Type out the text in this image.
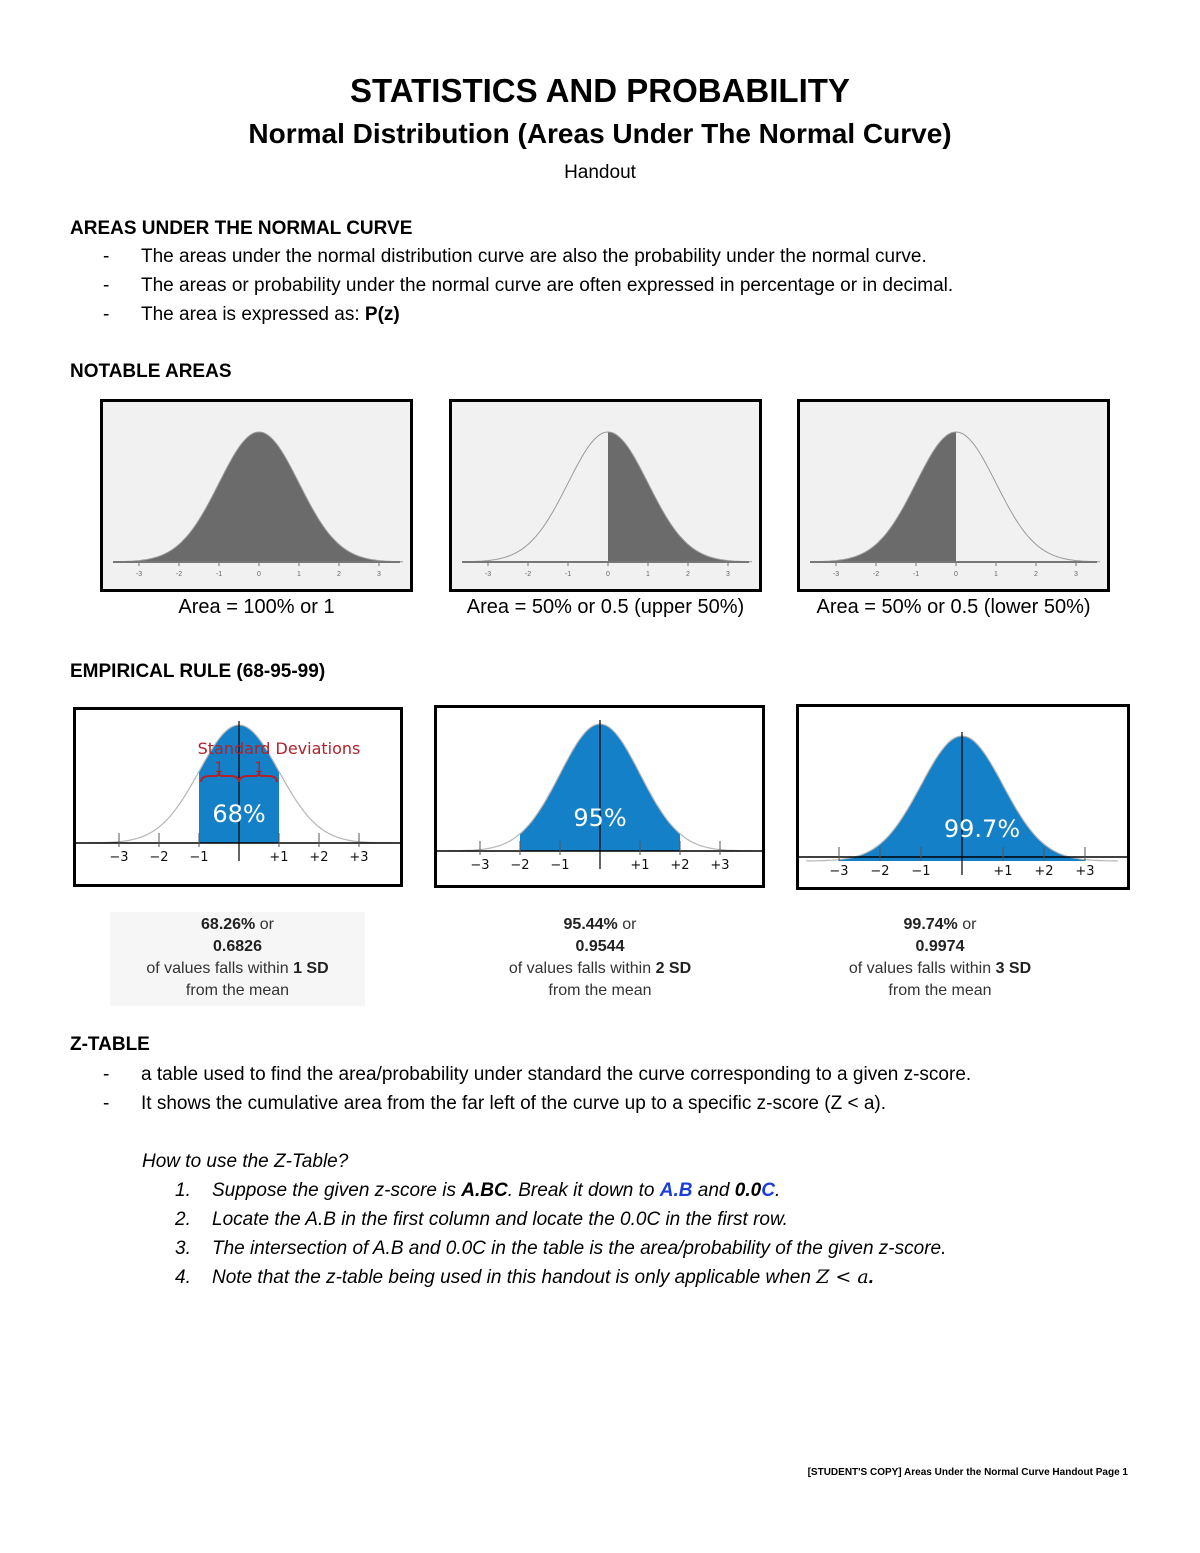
STATISTICS AND PROBABILITY
Normal Distribution (Areas Under The Normal Curve)
Handout
AREAS UNDER THE NORMAL CURVE
- The areas under the normal distribution curve are also the probability under the normal curve.
- The areas or probability under the normal curve are often expressed in percentage or in decimal.
- The area is expressed as: P(z)
NOTABLE AREAS
-3	-2	-1	0	1	2	3	-3	-2	-1	0	1	2	3	-3	-2	-1	0	1	2	3
Area = 100% or 1	Area = 50% or 0.5 (upper 50%)	Area = 50% or 0.5 (lower 50%)
EMPIRICAL RULE (68-95-99)
−3 −2 −1	+1 +2 +3
68%
Standard Deviations
1 1
−3 −2 −1	+1 +2 +3
95%
−3 −2 −1	+1 +2 +3
99.7%
68.26% or
0.6826
of values falls within 1 SD
from the mean
95.44% or
0.9544
of values falls within 2 SD
from the mean
99.74% or
0.9974
of values falls within 3 SD
from the mean
Z-TABLE
- a table used to find the area/probability under standard the curve corresponding to a given z-score.
- It shows the cumulative area from the far left of the curve up to a specific z-score (Z < a).
How to use the Z-Table?
1. Suppose the given z-score is A.BC. Break it down to A.B and 0.0C.
2. Locate the A.B in the first column and locate the 0.0C in the first row.
3. The intersection of A.B and 0.0C in the table is the area/probability of the given z-score.
4. Note that the z-table being used in this handout is only applicable when Z < a.
[STUDENT'S COPY] Areas Under the Normal Curve Handout Page 1
